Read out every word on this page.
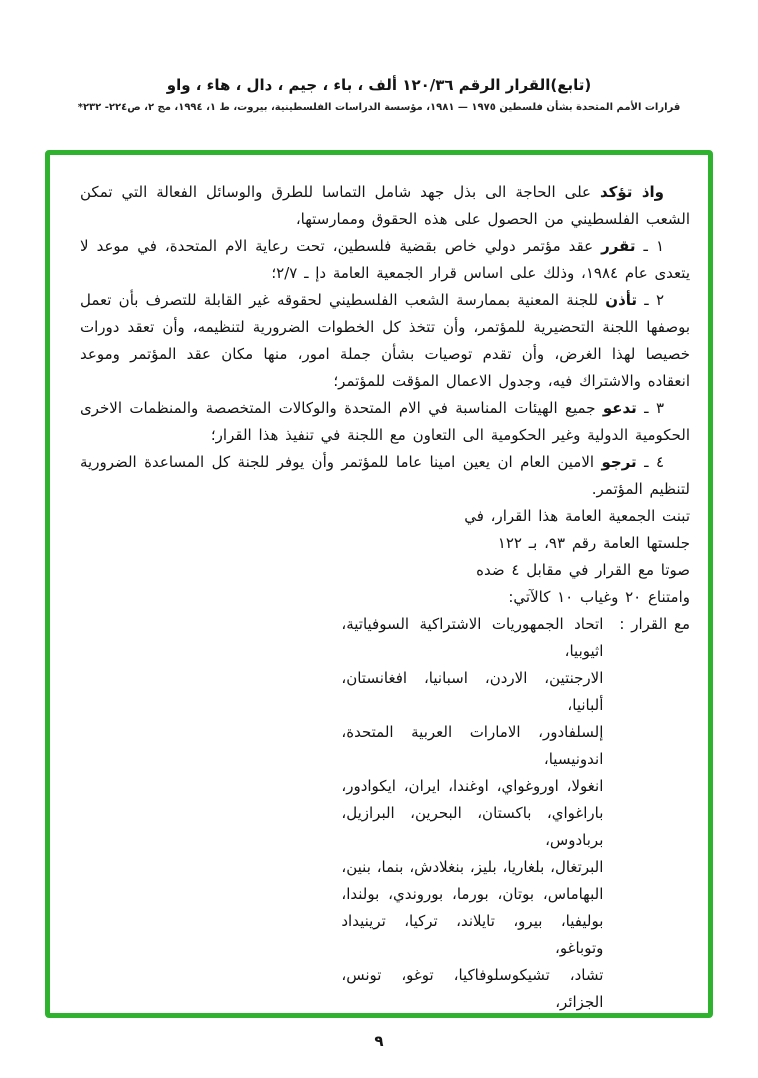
(تابع)القرار الرقم ١٢٠/٣٦ ألف ، باء ، جيم ، دال ، هاء ، واو
قرارات الأمم المتحدة بشأن فلسطين ١٩٧٥ — ١٩٨١، مؤسسة الدراسات الفلسطينية، بيروت، ط ١، ١٩٩٤، مج ٢، ص٢٢٤- ٢٣٢*

واذ تؤكد على الحاجة الى بذل جهد شامل التماسا للطرق والوسائل الفعالة التي تمكن الشعب الفلسطيني من الحصول على هذه الحقوق وممارستها،

١ ـ تقرر عقد مؤتمر دولي خاص بقضية فلسطين، تحت رعاية الام المتحدة، في موعد لا يتعدى عام ١٩٨٤، وذلك على اساس قرار الجمعية العامة دإ ـ ٢/٧؛

٢ ـ تأذن للجنة المعنية بممارسة الشعب الفلسطيني لحقوقه غير القابلة للتصرف بأن تعمل بوصفها اللجنة التحضيرية للمؤتمر، وأن تتخذ كل الخطوات الضرورية لتنظيمه، وأن تعقد دورات خصيصا لهذا الغرض، وأن تقدم توصيات بشأن جملة امور، منها مكان عقد المؤتمر وموعد انعقاده والاشتراك فيه، وجدول الاعمال المؤقت للمؤتمر؛

٣ ـ تدعو جميع الهيئات المناسبة في الام المتحدة والوكالات المتخصصة والمنظمات الاخرى الحكومية الدولية وغير الحكومية الى التعاون مع اللجنة في تنفيذ هذا القرار؛

٤ ـ ترجو الامين العام ان يعين امينا عاما للمؤتمر وأن يوفر للجنة كل المساعدة الضرورية لتنظيم المؤتمر.

تبنت الجمعية العامة هذا القرار، في
جلستها العامة رقم ٩٣، بـ ١٢٢
صوتا مع القرار في مقابل ٤ ضده
وامتناع ٢٠ وغياب ١٠ كالآتي:
مع القرار :
اتحاد الجمهوريات الاشتراكية السوفياتية، اثيوبيا،
الارجنتين، الاردن، اسبانيا، افغانستان، ألبانيا،
إلسلفادور، الامارات العربية المتحدة، اندونيسيا،
انغولا، اوروغواي، اوغندا، ايران، ايكوادور،
باراغواي، باكستان، البحرين، البرازيل، بربادوس،
البرتغال، بلغاريا، بليز، بنغلادش، بنما، بنين،
البهاماس، بوتان، بورما، بوروندي، بولندا،
بوليفيا، بيرو، تايلاند، تركيا، ترينيداد وتوباغو،
تشاد، تشيكوسلوفاكيا، توغو، تونس، الجزائر،
٩
